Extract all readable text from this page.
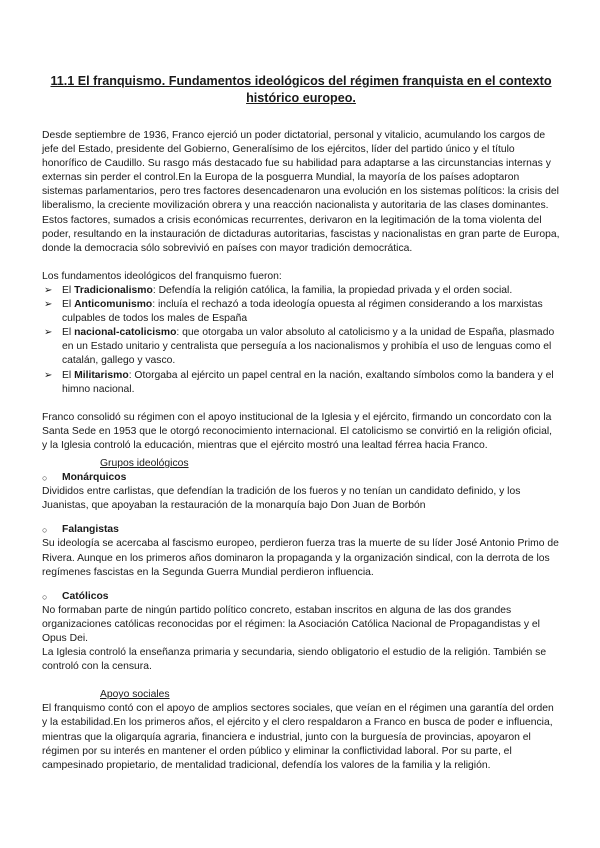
11.1 El franquismo. Fundamentos ideológicos del régimen franquista en el contexto histórico europeo.

Desde septiembre de 1936, Franco ejerció un poder dictatorial, personal y vitalicio, acumulando los cargos de jefe del Estado, presidente del Gobierno, Generalísimo de los ejércitos, líder del partido único y el título honorífico de Caudillo. Su rasgo más destacado fue su habilidad para adaptarse a las circunstancias internas y externas sin perder el control.En la Europa de la posguerra Mundial, la mayoría de los países adoptaron sistemas parlamentarios, pero tres factores desencadenaron una evolución en los sistemas políticos: la crisis del liberalismo, la creciente movilización obrera y una reacción nacionalista y autoritaria de las clases dominantes. Estos factores, sumados a crisis económicas recurrentes, derivaron en la legitimación de la toma violenta del poder, resultando en la instauración de dictaduras autoritarias, fascistas y nacionalistas en gran parte de Europa, donde la democracia sólo sobrevivió en países con mayor tradición democrática.

Los fundamentos ideológicos del franquismo fueron:

➢ El Tradicionalismo: Defendía la religión católica, la familia, la propiedad privada y el orden social.
➢ El Anticomunismo: incluía el rechazó a toda ideología opuesta al régimen considerando a los marxistas culpables de todos los males de España
➢ El nacional-catolicismo: que otorgaba un valor absoluto al catolicismo y a la unidad de España, plasmado en un Estado unitario y centralista que perseguía a los nacionalismos y prohibía el uso de lenguas como el catalán, gallego y vasco.
➢ El Militarismo: Otorgaba al ejército un papel central en la nación, exaltando símbolos como la bandera y el himno nacional.

Franco consolidó su régimen con el apoyo institucional de la Iglesia y el ejército, firmando un concordato con la Santa Sede en 1953 que le otorgó reconocimiento internacional. El catolicismo se convirtió en la religión oficial, y la Iglesia controló la educación, mientras que el ejército mostró una lealtad férrea hacia Franco.

Grupos ideológicos
○ Monárquicos

Divididos entre carlistas, que defendían la tradición de los fueros y no tenían un candidato definido, y los Juanistas, que apoyaban la restauración de la monarquía bajo Don Juan de Borbón

○ Falangistas

Su ideología se acercaba al fascismo europeo, perdieron fuerza tras la muerte de su líder José Antonio Primo de Rivera. Aunque en los primeros años dominaron la propaganda y la organización sindical, con la derrota de los regímenes fascistas en la Segunda Guerra Mundial perdieron influencia.

○ Católicos

No formaban parte de ningún partido político concreto, estaban inscritos en alguna de las dos grandes organizaciones católicas reconocidas por el régimen: la Asociación Católica Nacional de Propagandistas y el Opus Dei.

La Iglesia controló la enseñanza primaria y secundaria, siendo obligatorio el estudio de la religión. También se controló con la censura.

Apoyo sociales

El franquismo contó con el apoyo de amplios sectores sociales, que veían en el régimen una garantía del orden y la estabilidad.En los primeros años, el ejército y el clero respaldaron a Franco en busca de poder e influencia, mientras que la oligarquía agraria, financiera e industrial, junto con la burguesía de provincias, apoyaron el régimen por su interés en mantener el orden público y eliminar la conflictividad laboral. Por su parte, el campesinado propietario, de mentalidad tradicional, defendía los valores de la familia y la religión.
